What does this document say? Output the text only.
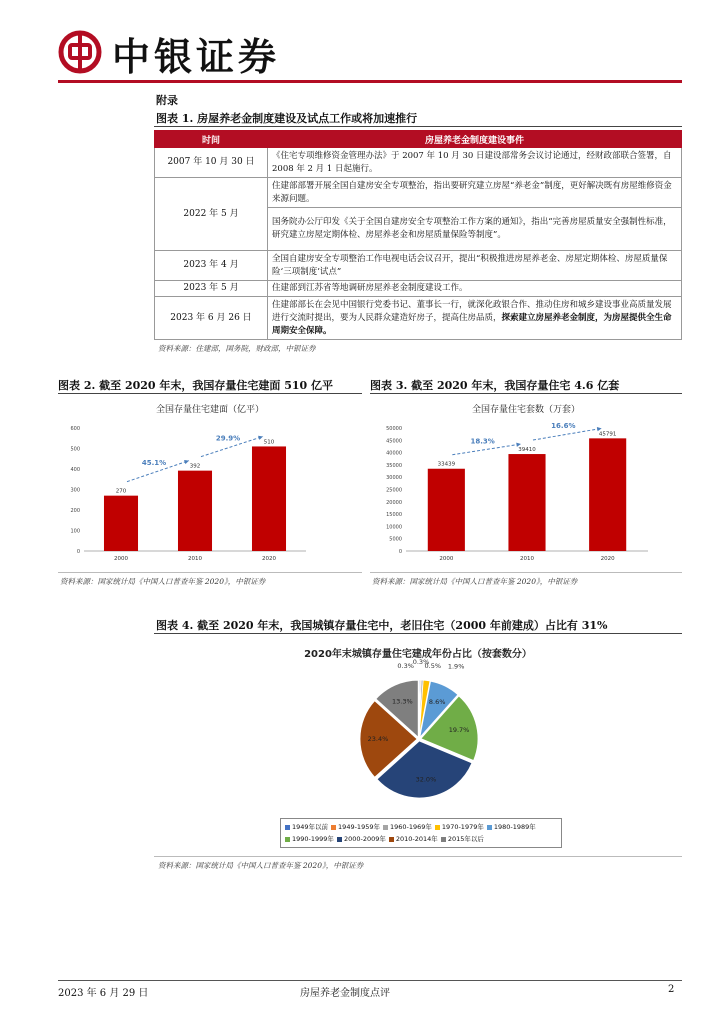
中银证券
附录
图表 1. 房屋养老金制度建设及试点工作或将加速推行
时间	房屋养老金制度建设事件
2007 年 10 月 30 日	《住宅专项维修资金管理办法》于 2007 年 10 月 30 日建设部常务会议讨论通过，经财政部联合签署，自 2008 年 2 月 1 日起施行。
2022 年 5 月	住建部部署开展全国自建房安全专项整治，指出要研究建立房屋“养老金”制度，更好解决既有房屋维修资金来源问题。
	国务院办公厅印发《关于全国自建房安全专项整治工作方案的通知》，指出“完善房屋质量安全强制性标准，研究建立房屋定期体检、房屋养老金和房屋质量保险等制度”。
2023 年 4 月	全国自建房安全专项整治工作电视电话会议召开，提出“积极推进房屋养老金、房屋定期体检、房屋质量保险‘三项制度’试点”
2023 年 5 月	住建部到江苏省等地调研房屋养老金制度建设工作。
2023 年 6 月 26 日	住建部部长在会见中国银行党委书记、董事长一行，就深化政银合作、推动住房和城乡建设事业高质量发展进行交流时提出，要为人民群众建造好房子，提高住房品质，探索建立房屋养老金制度，为房屋提供全生命周期安全保障。
资料来源：住建部，国务院，财政部，中银证券
图表 2. 截至 2020 年末，我国存量住宅建面 510 亿平
全国存量住宅建面（亿平）
0
100
200
300
400
500
600
270
2000
392
2010
510
2020
45.1%
29.9%
资料来源：国家统计局《中国人口普查年鉴 2020》，中银证券
图表 3. 截至 2020 年末，我国存量住宅 4.6 亿套
全国存量住宅套数（万套）
0
5000
10000
15000
20000
25000
30000
35000
40000
45000
50000
33439
2000
39410
2010
45791
2020
18.3%
16.6%
资料来源：国家统计局《中国人口普查年鉴 2020》，中银证券
图表 4. 截至 2020 年末，我国城镇存量住宅中，老旧住宅（2000 年前建成）占比有 31%
2020年末城镇存量住宅建成年份占比（按套数分）
0.3%
0.3%
0.5% 1.9%
8.6%
19.7%
32.0%
23.4%
13.3%
1949年以前 1949-1959年 1960-1969年 1970-1979年 1980-1989年1990-1999年 2000-2009年 2010-2014年 2015年以后
资料来源：国家统计局《中国人口普查年鉴 2020》，中银证券
2023 年 6 月 29 日	房屋养老金制度点评	2
